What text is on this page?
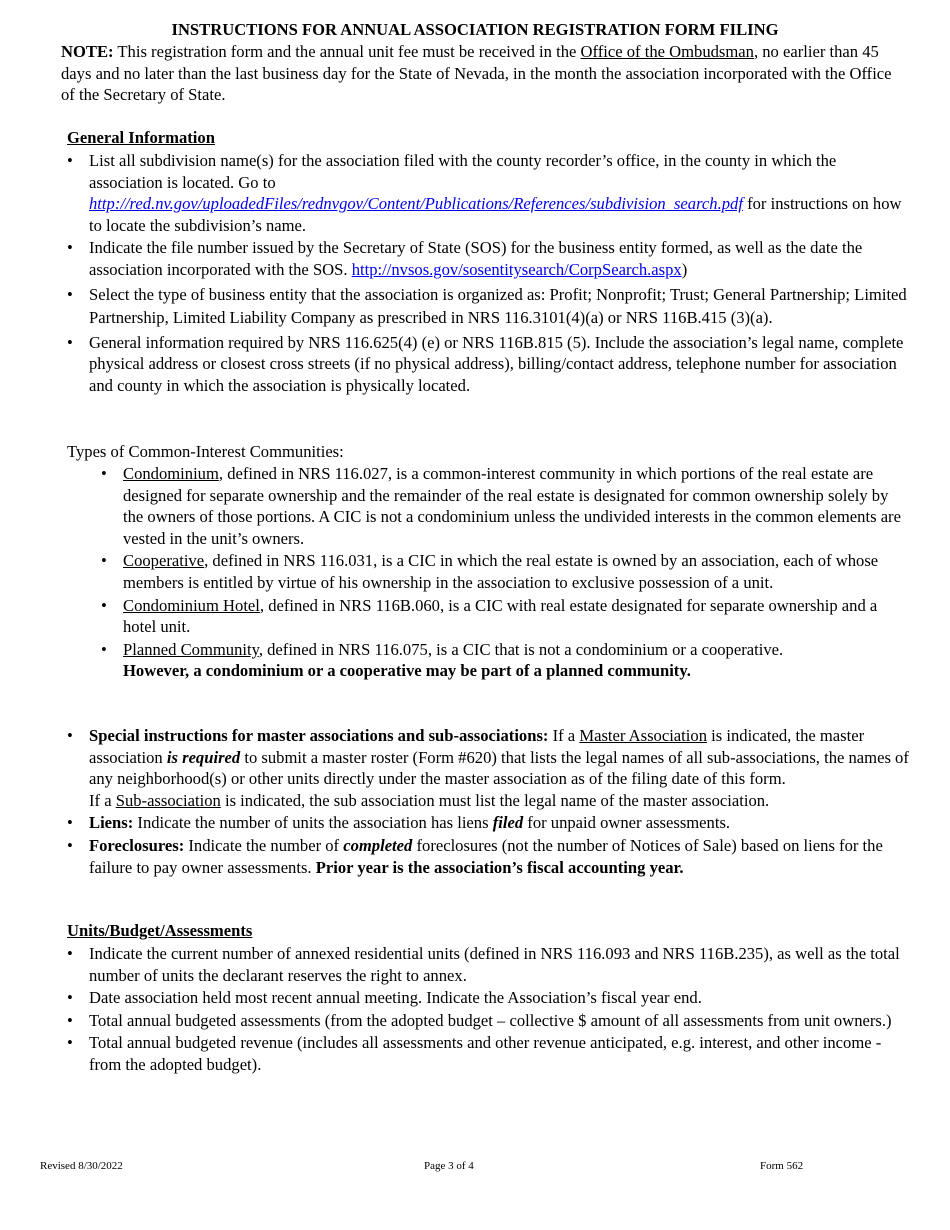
INSTRUCTIONS FOR ANNUAL ASSOCIATION REGISTRATION FORM FILING
NOTE: This registration form and the annual unit fee must be received in the Office of the Ombudsman, no earlier than 45 days and no later than the last business day for the State of Nevada, in the month the association incorporated with the Office of the Secretary of State.
General Information
• List all subdivision name(s) for the association filed with the county recorder’s office, in the county in which the association is located. Go to http://red.nv.gov/uploadedFiles/rednvgov/Content/Publications/References/subdivision_search.pdf for instructions on how to locate the subdivision’s name.
• Indicate the file number issued by the Secretary of State (SOS) for the business entity formed, as well as the date the association incorporated with the SOS. http://nvsos.gov/sosentitysearch/CorpSearch.aspx)
• Select the type of business entity that the association is organized as: Profit; Nonprofit; Trust; General Partnership; Limited Partnership, Limited Liability Company as prescribed in NRS 116.3101(4)(a) or NRS 116B.415 (3)(a).
• General information required by NRS 116.625(4) (e) or NRS 116B.815 (5). Include the association’s legal name, complete physical address or closest cross streets (if no physical address), billing/contact address, telephone number for association and county in which the association is physically located.
Types of Common-Interest Communities:
• Condominium, defined in NRS 116.027, is a common-interest community in which portions of the real estate are designed for separate ownership and the remainder of the real estate is designated for common ownership solely by the owners of those portions. A CIC is not a condominium unless the undivided interests in the common elements are vested in the unit’s owners.
• Cooperative, defined in NRS 116.031, is a CIC in which the real estate is owned by an association, each of whose members is entitled by virtue of his ownership in the association to exclusive possession of a unit.
• Condominium Hotel, defined in NRS 116B.060, is a CIC with real estate designated for separate ownership and a hotel unit.
• Planned Community, defined in NRS 116.075, is a CIC that is not a condominium or a cooperative.
However, a condominium or a cooperative may be part of a planned community.
• Special instructions for master associations and sub-associations: If a Master Association is indicated, the master association is required to submit a master roster (Form #620) that lists the legal names of all sub-associations, the names of any neighborhood(s) or other units directly under the master association as of the filing date of this form.
If a Sub-association is indicated, the sub association must list the legal name of the master association.
• Liens: Indicate the number of units the association has liens filed for unpaid owner assessments.
• Foreclosures: Indicate the number of completed foreclosures (not the number of Notices of Sale) based on liens for the failure to pay owner assessments. Prior year is the association’s fiscal accounting year.
Units/Budget/Assessments
• Indicate the current number of annexed residential units (defined in NRS 116.093 and NRS 116B.235), as well as the total number of units the declarant reserves the right to annex.
• Date association held most recent annual meeting. Indicate the Association’s fiscal year end.
• Total annual budgeted assessments (from the adopted budget – collective $ amount of all assessments from unit owners.)
• Total annual budgeted revenue (includes all assessments and other revenue anticipated, e.g. interest, and other income - from the adopted budget).
Revised 8/30/2022	Page 3 of 4	Form 562
